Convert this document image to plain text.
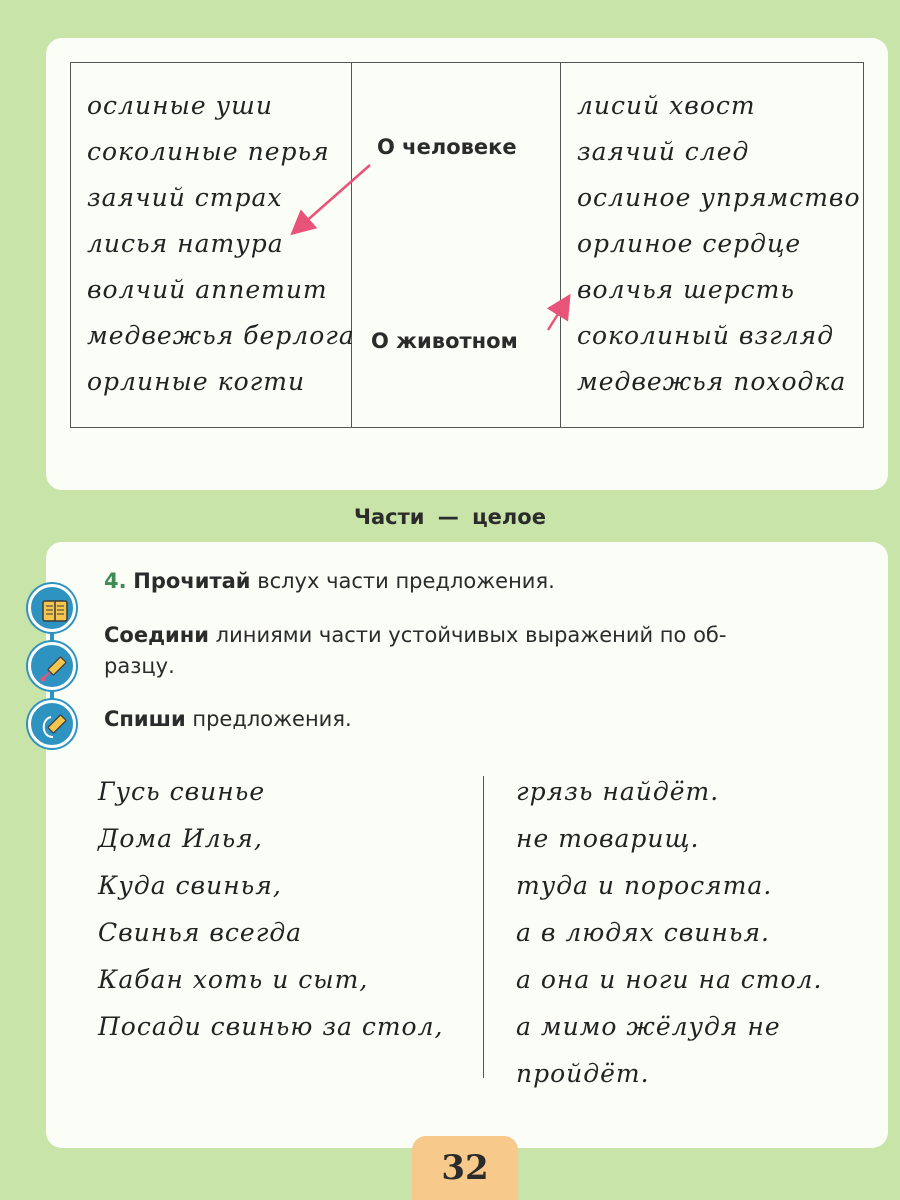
ослиные уши
соколиные перья
заячий страх
лисья натура
волчий аппетит
медвежья берлога
орлиные когти
лисий хвост
заячий след
ослиное упрямство
орлиное сердце
волчья шерсть
соколиный взгляд
медвежья походка
О человеке
О животном
Части — целое
4. Прочитай вслух части предложения.
Соедини линиями части устойчивых выражений по об-
разцу.
Спиши предложения.
Гусь свинье
Дома Илья,
Куда свинья,
Свинья всегда
Кабан хоть и сыт,
Посади свинью за стол,
грязь найдёт.
не товарищ.
туда и поросята.
а в людях свинья.
а она и ноги на стол.
а мимо жёлудя не
пройдёт.
32
